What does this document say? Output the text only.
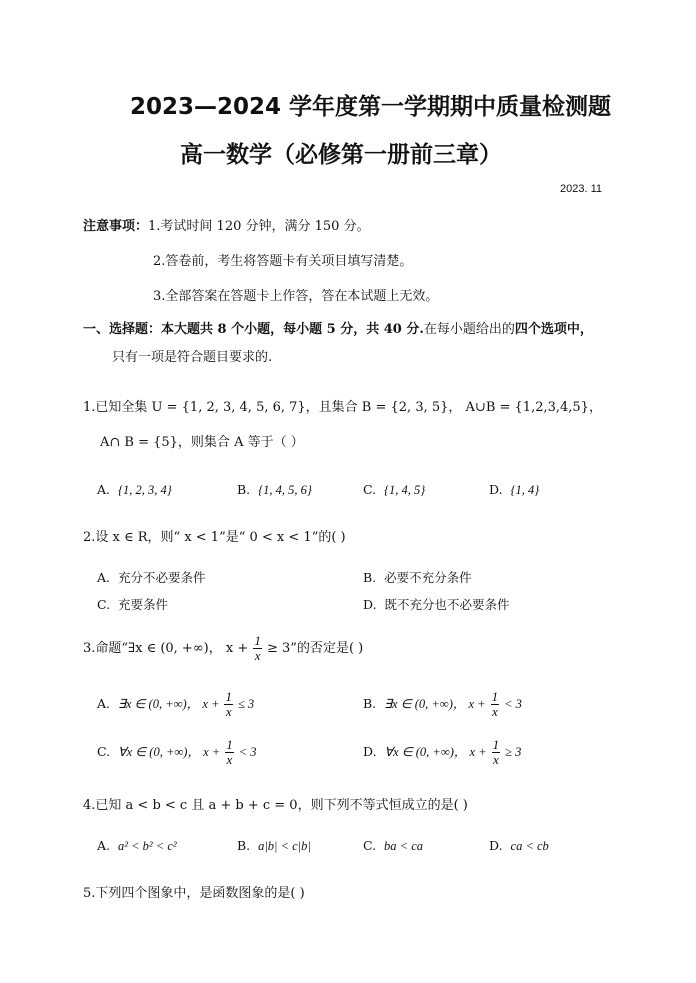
2023—2024 学年度第一学期期中质量检测题
高一数学（必修第一册前三章）
2023. 11
注意事项：1.考试时间 120 分钟，满分 150 分。
2.答卷前，考生将答题卡有关项目填写清楚。
3.全部答案在答题卡上作答，答在本试题上无效。
一、选择题：本大题共 8 个小题，每小题 5 分，共 40 分.在每小题给出的四个选项中，
只有一项是符合题目要求的.
1.已知全集 U = {1, 2, 3, 4, 5, 6, 7}，且集合 B = {2, 3, 5}， A∪B = {1,2,3,4,5}，
A∩ B = {5}，则集合 A 等于（ ）
A. {1, 2, 3, 4}	B. {1, 4, 5, 6}	C. {1, 4, 5}	D. {1, 4}
2.设 x ∈ R，则“ x < 1”是“ 0 < x < 1”的( )
A. 充分不必要条件	B. 必要不充分条件
C. 充要条件	D. 既不充分也不必要条件
3.命题“∃x ∈ (0, +∞)， $x + \frac{1}{x} \ge 3$”的否定是( )
A. ∃x ∈ (0, +∞)， $x + \frac{1}{x} \le 3$	B. ∃x ∈ (0, +∞)， $x + \frac{1}{x} < 3$
C. ∀x ∈ (0, +∞)， $x + \frac{1}{x} < 3$	D. ∀x ∈ (0, +∞)， $x + \frac{1}{x} \ge 3$
4.已知 a < b < c 且 a + b + c = 0，则下列不等式恒成立的是( )
A. a² < b² < c²	B. a|b| < c|b|	C. ba < ca	D. ca < cb
5.下列四个图象中，是函数图象的是( )
